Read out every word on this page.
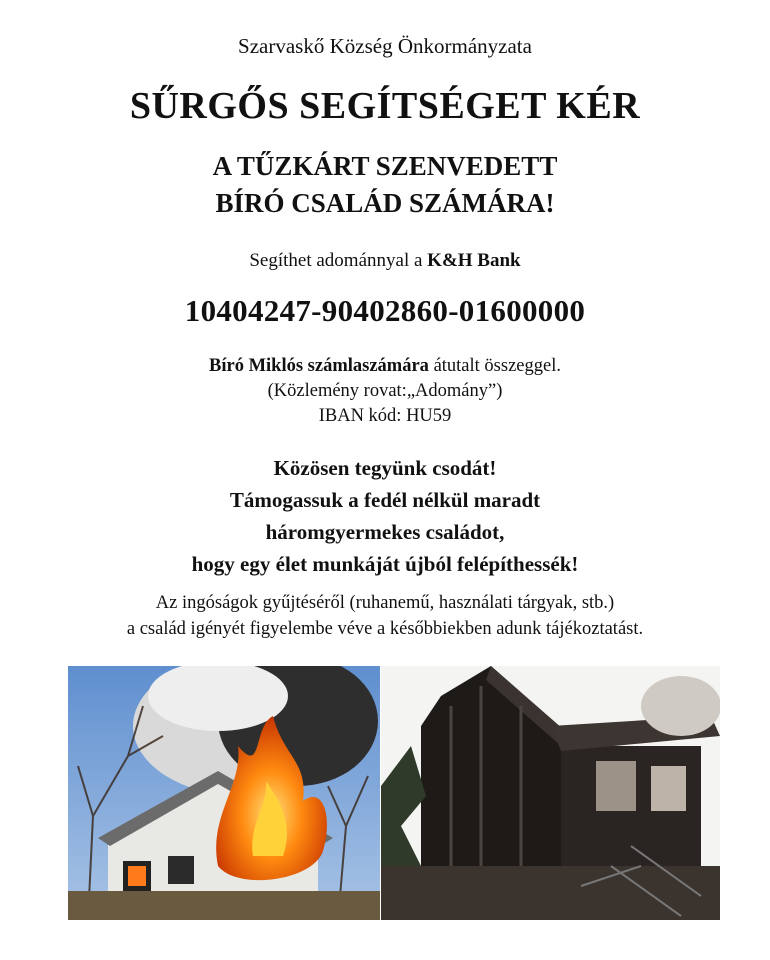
Szarvaskő Község Önkormányzata
SŰRGŐS SEGÍTSÉGET KÉR
A TŰZKÁRT SZENVEDETT
BÍRÓ CSALÁD SZÁMÁRA!
Segíthet adománnyal a K&H Bank
10404247-90402860-01600000
Bíró Miklós számlaszámára átutalt összeggel.
(Közlemény rovat:„Adomány”)
IBAN kód: HU59
Közösen tegyünk csodát!
Támogassuk a fedél nélkül maradt
háromgyermekes családot,
hogy egy élet munkáját újból felépíthessék!
Az ingóságok gyűjtéséről (ruhanemű, használati tárgyak, stb.)
a család igényét figyelembe véve a későbbiekben adunk tájékoztatást.
